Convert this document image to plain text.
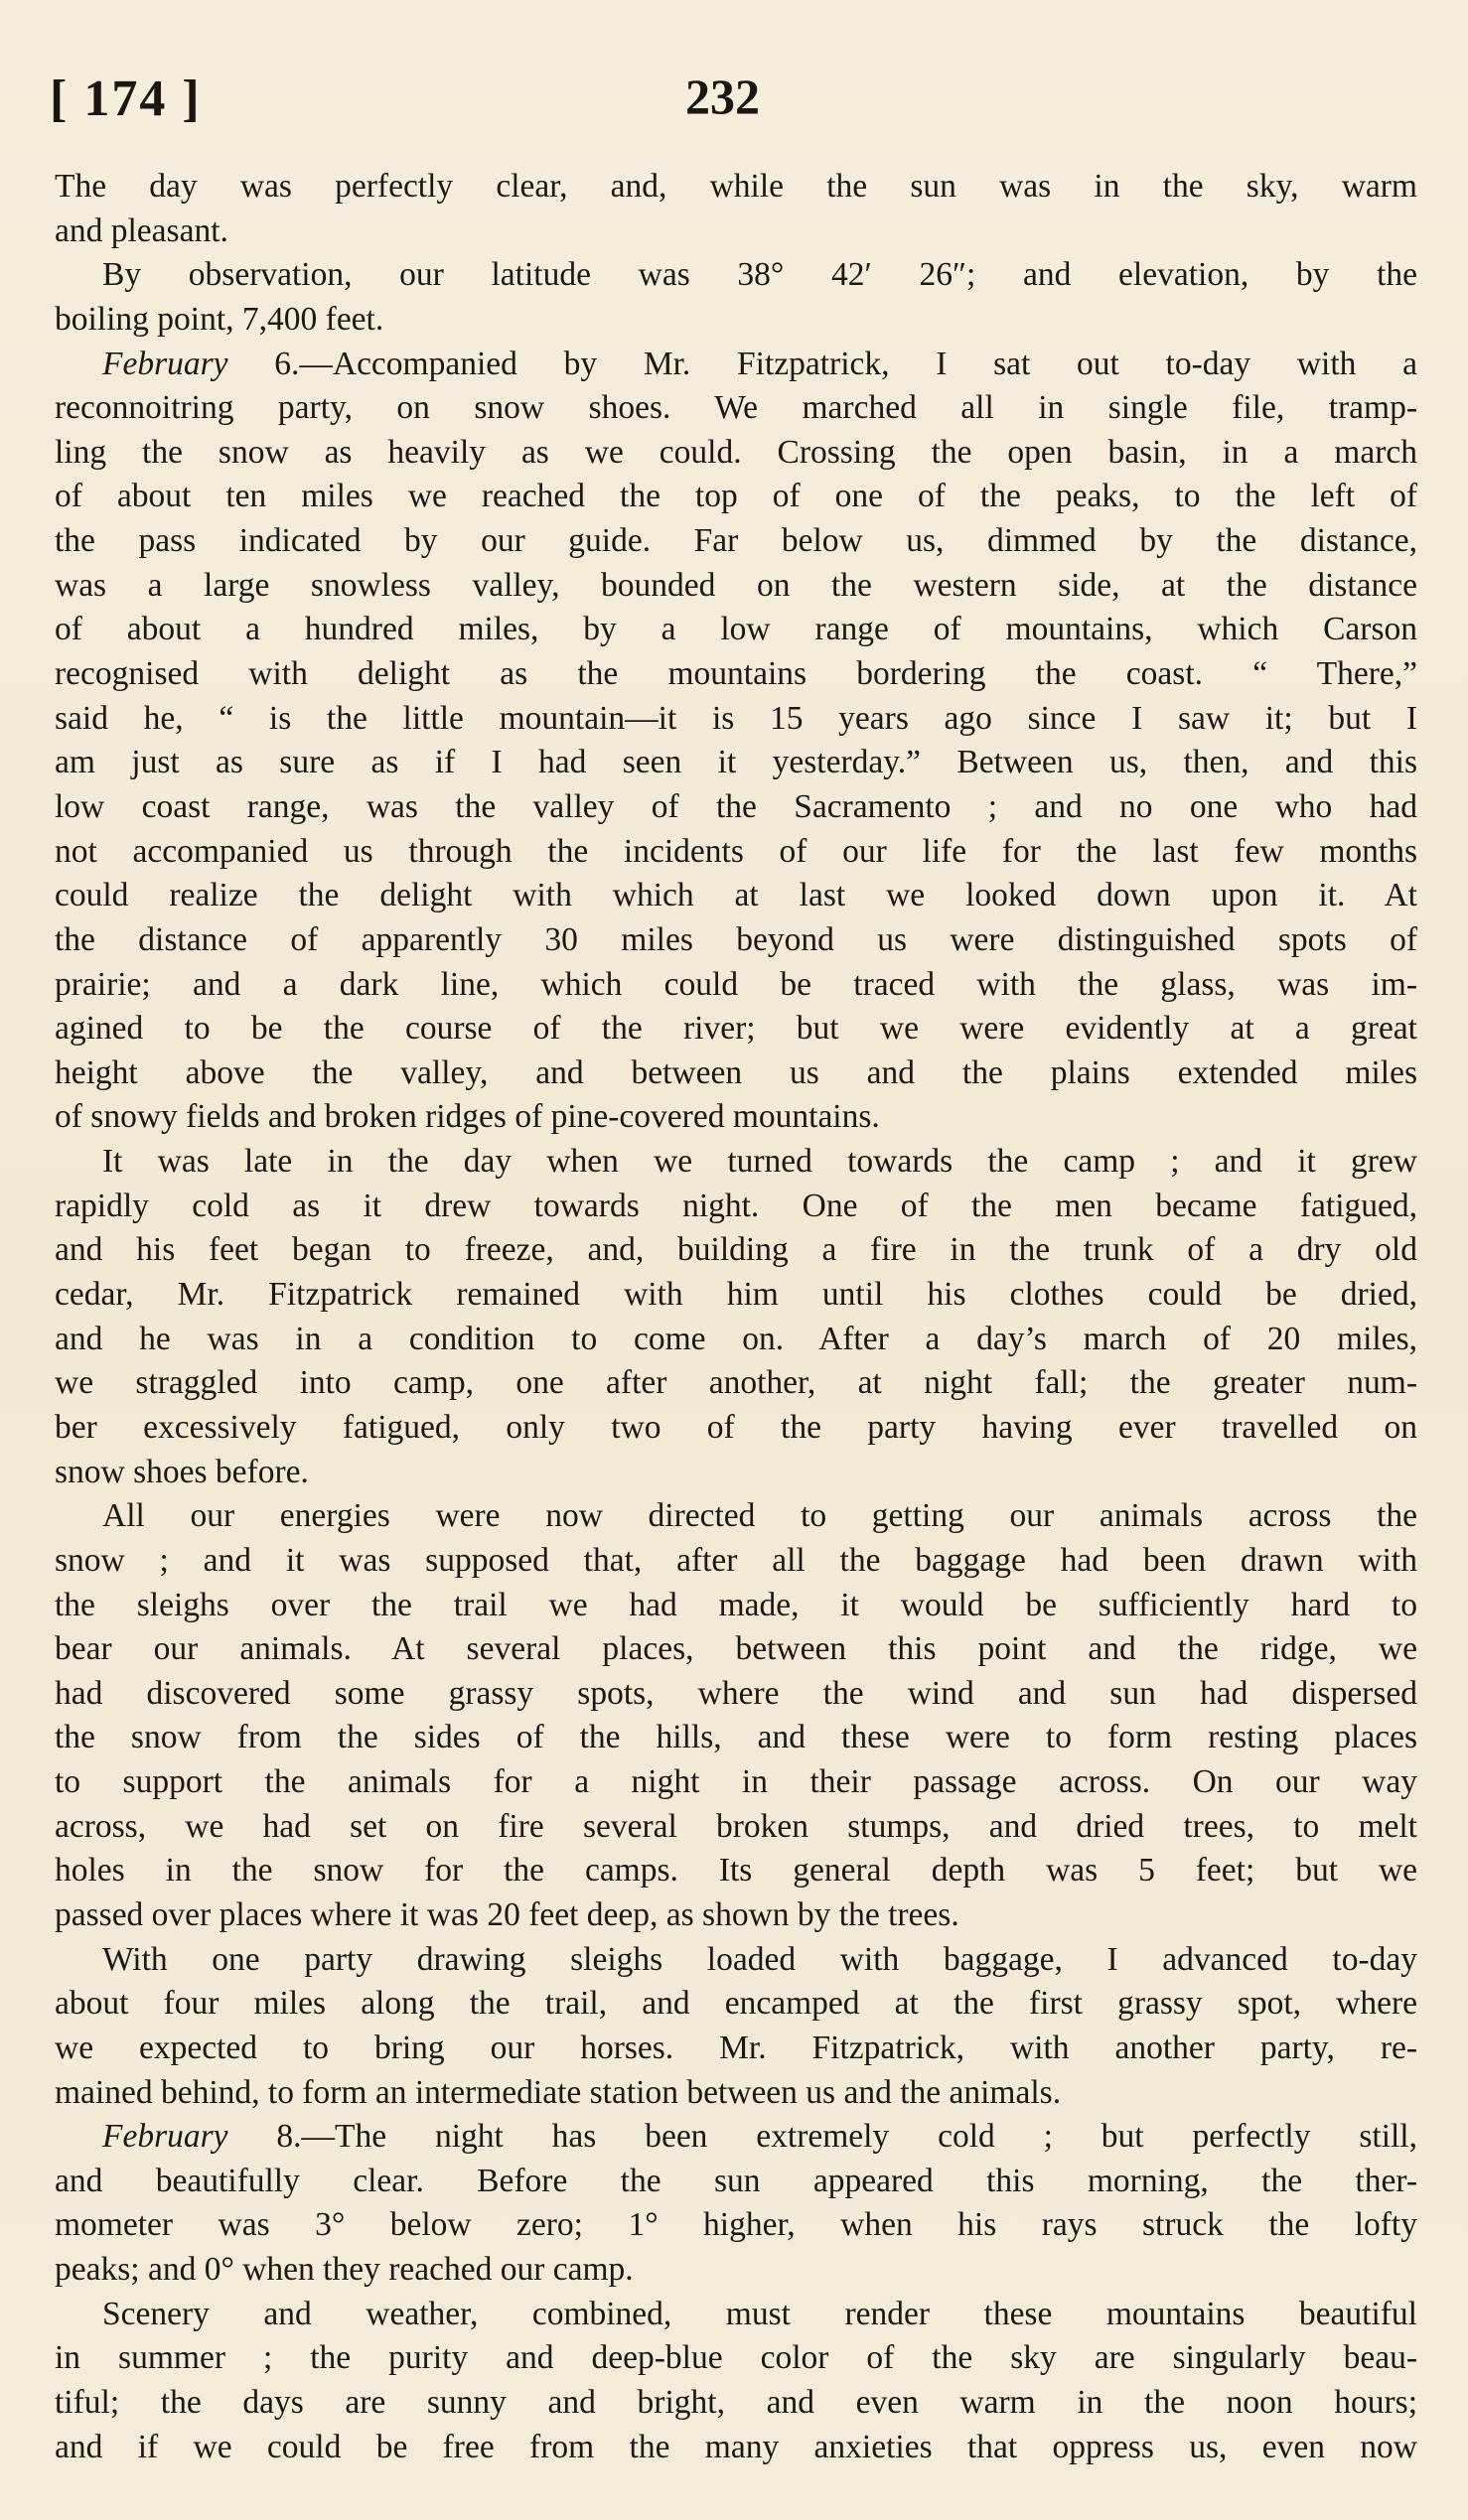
[ 174 ]	232
The day was perfectly clear, and, while the sun was in the sky, warm
and pleasant.
By observation, our latitude was 38° 42′ 26″; and elevation, by the
boiling point, 7,400 feet.
February 6.—Accompanied by Mr. Fitzpatrick, I sat out to-day with a
reconnoitring party, on snow shoes. We marched all in single file, tramp-
ling the snow as heavily as we could. Crossing the open basin, in a march
of about ten miles we reached the top of one of the peaks, to the left of
the pass indicated by our guide. Far below us, dimmed by the distance,
was a large snowless valley, bounded on the western side, at the distance
of about a hundred miles, by a low range of mountains, which Carson
recognised with delight as the mountains bordering the coast. “ There,”
said he, “ is the little mountain—it is 15 years ago since I saw it; but I
am just as sure as if I had seen it yesterday.” Between us, then, and this
low coast range, was the valley of the Sacramento ; and no one who had
not accompanied us through the incidents of our life for the last few months
could realize the delight with which at last we looked down upon it. At
the distance of apparently 30 miles beyond us were distinguished spots of
prairie; and a dark line, which could be traced with the glass, was im-
agined to be the course of the river; but we were evidently at a great
height above the valley, and between us and the plains extended miles
of snowy fields and broken ridges of pine-covered mountains.
It was late in the day when we turned towards the camp ; and it grew
rapidly cold as it drew towards night. One of the men became fatigued,
and his feet began to freeze, and, building a fire in the trunk of a dry old
cedar, Mr. Fitzpatrick remained with him until his clothes could be dried,
and he was in a condition to come on. After a day’s march of 20 miles,
we straggled into camp, one after another, at night fall; the greater num-
ber excessively fatigued, only two of the party having ever travelled on
snow shoes before.
All our energies were now directed to getting our animals across the
snow ; and it was supposed that, after all the baggage had been drawn with
the sleighs over the trail we had made, it would be sufficiently hard to
bear our animals. At several places, between this point and the ridge, we
had discovered some grassy spots, where the wind and sun had dispersed
the snow from the sides of the hills, and these were to form resting places
to support the animals for a night in their passage across. On our way
across, we had set on fire several broken stumps, and dried trees, to melt
holes in the snow for the camps. Its general depth was 5 feet; but we
passed over places where it was 20 feet deep, as shown by the trees.
With one party drawing sleighs loaded with baggage, I advanced to-day
about four miles along the trail, and encamped at the first grassy spot, where
we expected to bring our horses. Mr. Fitzpatrick, with another party, re-
mained behind, to form an intermediate station between us and the animals.
February 8.—The night has been extremely cold ; but perfectly still,
and beautifully clear. Before the sun appeared this morning, the ther-
mometer was 3° below zero; 1° higher, when his rays struck the lofty
peaks; and 0° when they reached our camp.
Scenery and weather, combined, must render these mountains beautiful
in summer ; the purity and deep-blue color of the sky are singularly beau-
tiful; the days are sunny and bright, and even warm in the noon hours;
and if we could be free from the many anxieties that oppress us, even now
